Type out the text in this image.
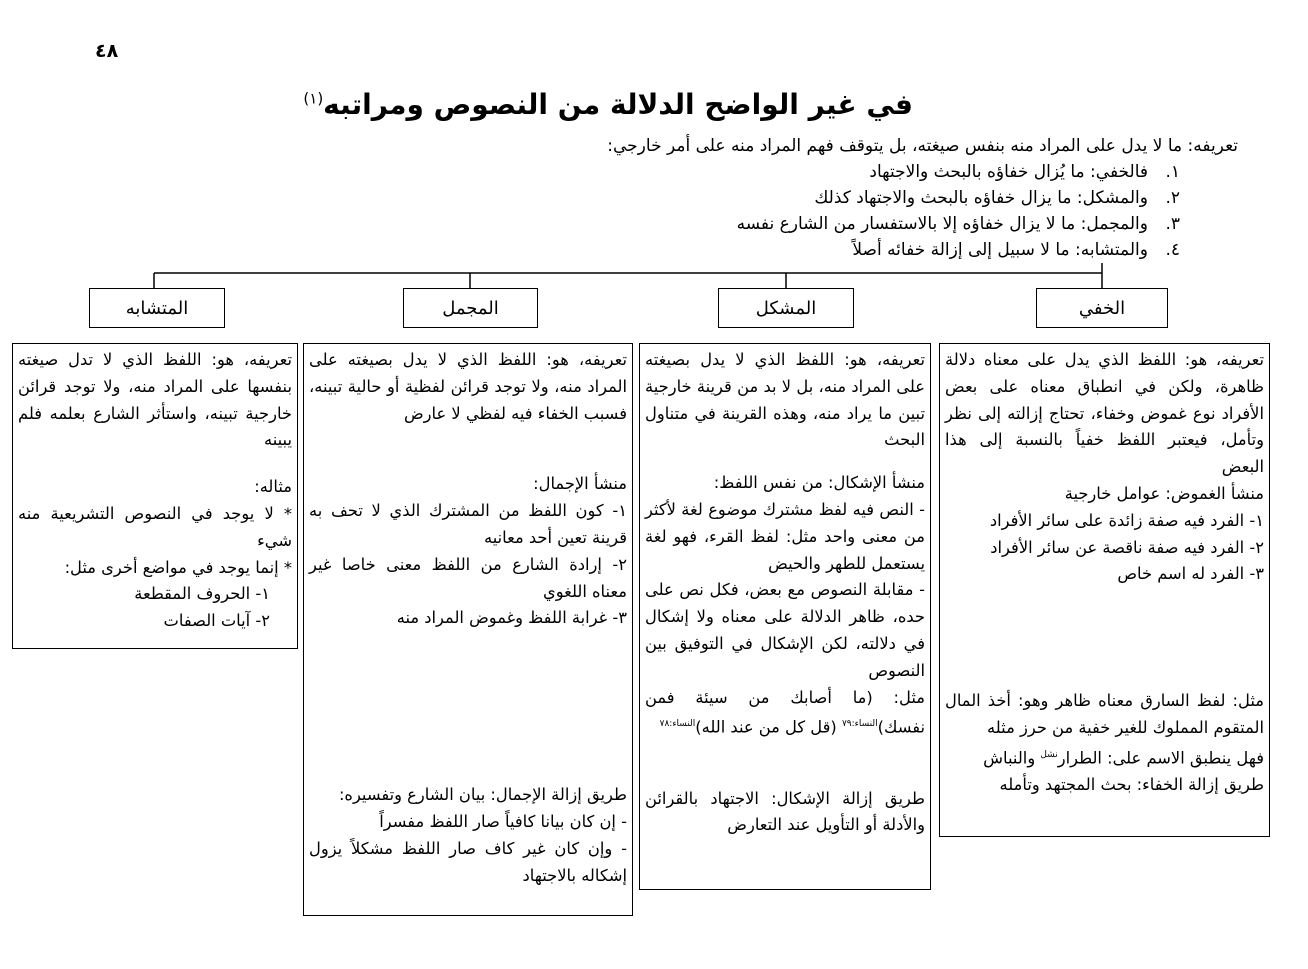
٤٨
في غير الواضح الدلالة من النصوص ومراتبه$^{(١)}$
تعريفه: ما لا يدل على المراد منه بنفس صيغته، بل يتوقف فهم المراد منه على أمر خارجي:
١.فالخفي: ما يُزال خفاؤه بالبحث والاجتهاد
٢.والمشكل: ما يزال خفاؤه بالبحث والاجتهاد كذلك
٣.والمجمل: ما لا يزال خفاؤه إلا بالاستفسار من الشارع نفسه
٤.والمتشابه: ما لا سبيل إلى إزالة خفائه أصلاً
الخفي
المشكل
المجمل
المتشابه

تعريفه، هو: اللفظ الذي يدل على معناه دلالة ظاهرة، ولكن في انطباق معناه على بعض الأفراد نوع غموض وخفاء، تحتاج إزالته إلى نظر وتأمل، فيعتبر اللفظ خفياً بالنسبة إلى هذا البعض

منشأ الغموض: عوامل خارجية

١- الفرد فيه صفة زائدة على سائر الأفراد

٢- الفرد فيه صفة ناقصة عن سائر الأفراد

٣- الفرد له اسم خاص

مثل: لفظ السارق معناه ظاهر وهو: أخذ المال المتقوم المملوك للغير خفية من حرز مثله

فهل ينطبق الاسم على: الطرار$^{نشل}$ والنباش

طريق إزالة الخفاء: بحث المجتهد وتأمله

تعريفه، هو: اللفظ الذي لا يدل بصيغته على المراد منه، بل لا بد من قرينة خارجية تبين ما يراد منه، وهذه القرينة في متناول البحث

منشأ الإشكال: من نفس اللفظ:

- النص فيه لفظ مشترك موضوع لغة لأكثر من معنى واحد مثل: لفظ القرء، فهو لغة يستعمل للطهر والحيض

- مقابلة النصوص مع بعض، فكل نص على حده، ظاهر الدلالة على معناه ولا إشكال في دلالته، لكن الإشكال في التوفيق بين النصوص

مثل: (ما أصابك من سيئة فمن نفسك)$^{النساء:٧٩}$ (قل كل من عند الله)$^{النساء:٧٨}$

طريق إزالة الإشكال: الاجتهاد بالقرائن والأدلة أو التأويل عند التعارض

تعريفه، هو: اللفظ الذي لا يدل بصيغته على المراد منه، ولا توجد قرائن لفظية أو حالية تبينه، فسبب الخفاء فيه لفظي لا عارض

منشأ الإجمال:

١- كون اللفظ من المشترك الذي لا تحف به قرينة تعين أحد معانيه

٢- إرادة الشارع من اللفظ معنى خاصا غير معناه اللغوي

٣- غرابة اللفظ وغموض المراد منه

طريق إزالة الإجمال: بيان الشارع وتفسيره:

- إن كان بيانا كافياً صار اللفظ مفسراً

- وإن كان غير كاف صار اللفظ مشكلاً يزول إشكاله بالاجتهاد

تعريفه، هو: اللفظ الذي لا تدل صيغته بنفسها على المراد منه، ولا توجد قرائن خارجية تبينه، واستأثر الشارع بعلمه فلم يبينه

مثاله:

* لا يوجد في النصوص التشريعية منه شيء

* إنما يوجد في مواضع أخرى مثل:

١- الحروف المقطعة

٢- آيات الصفات
